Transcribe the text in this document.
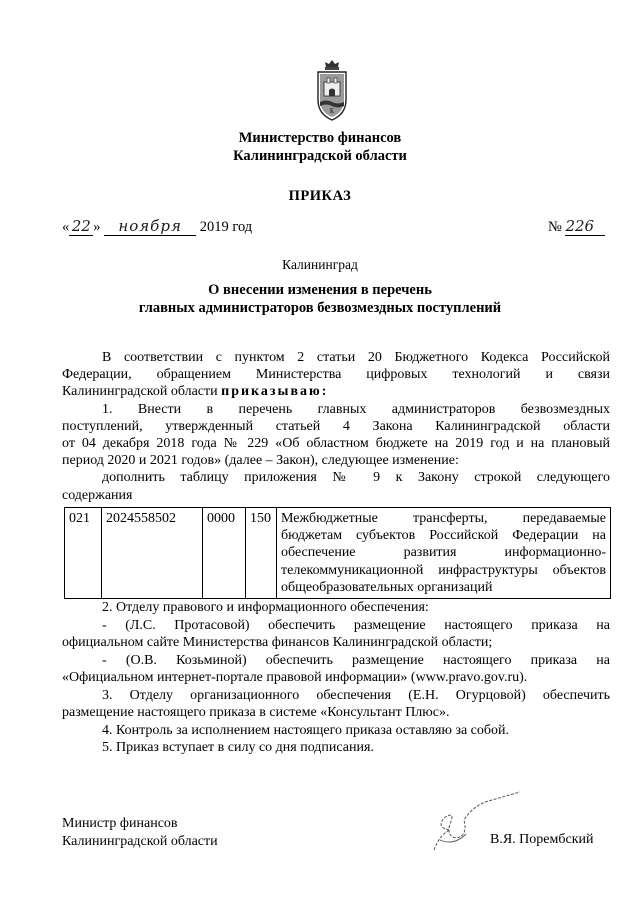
K
Министерство финансов
Калининградской области
ПРИКАЗ
« 22 » ноября 2019 год	№ 226
Калининград
О внесении изменения в перечень
главных администраторов безвозмездных поступлений
В соответствии с пунктом 2 статьи 20 Бюджетного Кодекса Российской
Федерации, обращением Министерства цифровых технологий и связи
Калининградской области приказываю:
1. Внести в перечень главных администраторов безвозмездных
поступлений, утвержденный статьей 4 Закона Калининградской области
от 04 декабря 2018 года № 229 «Об областном бюджете на 2019 год и на плановый
период 2020 и 2021 годов» (далее – Закон), следующее изменение:
дополнить таблицу приложения № 9 к Закону строкой следующего
содержания
021	2024558502	0000	150	Межбюджетные трансферты, передаваемые бюджетам субъектов Российской Федерации на обеспечение развития информационно-телекоммуникационной инфраструктуры объектов общеобразовательных организаций
2. Отделу правового и информационного обеспечения:
- (Л.С. Протасовой) обеспечить размещение настоящего приказа на
официальном сайте Министерства финансов Калининградской области;
- (О.В. Козьминой) обеспечить размещение настоящего приказа на
«Официальном интернет-портале правовой информации» (www.pravo.gov.ru).
3. Отделу организационного обеспечения (Е.Н. Огурцовой) обеспечить
размещение настоящего приказа в системе «Консультант Плюс».
4. Контроль за исполнением настоящего приказа оставляю за собой.
5. Приказ вступает в силу со дня подписания.
Министр финансов
Калининградской области	В.Я. Порембский
